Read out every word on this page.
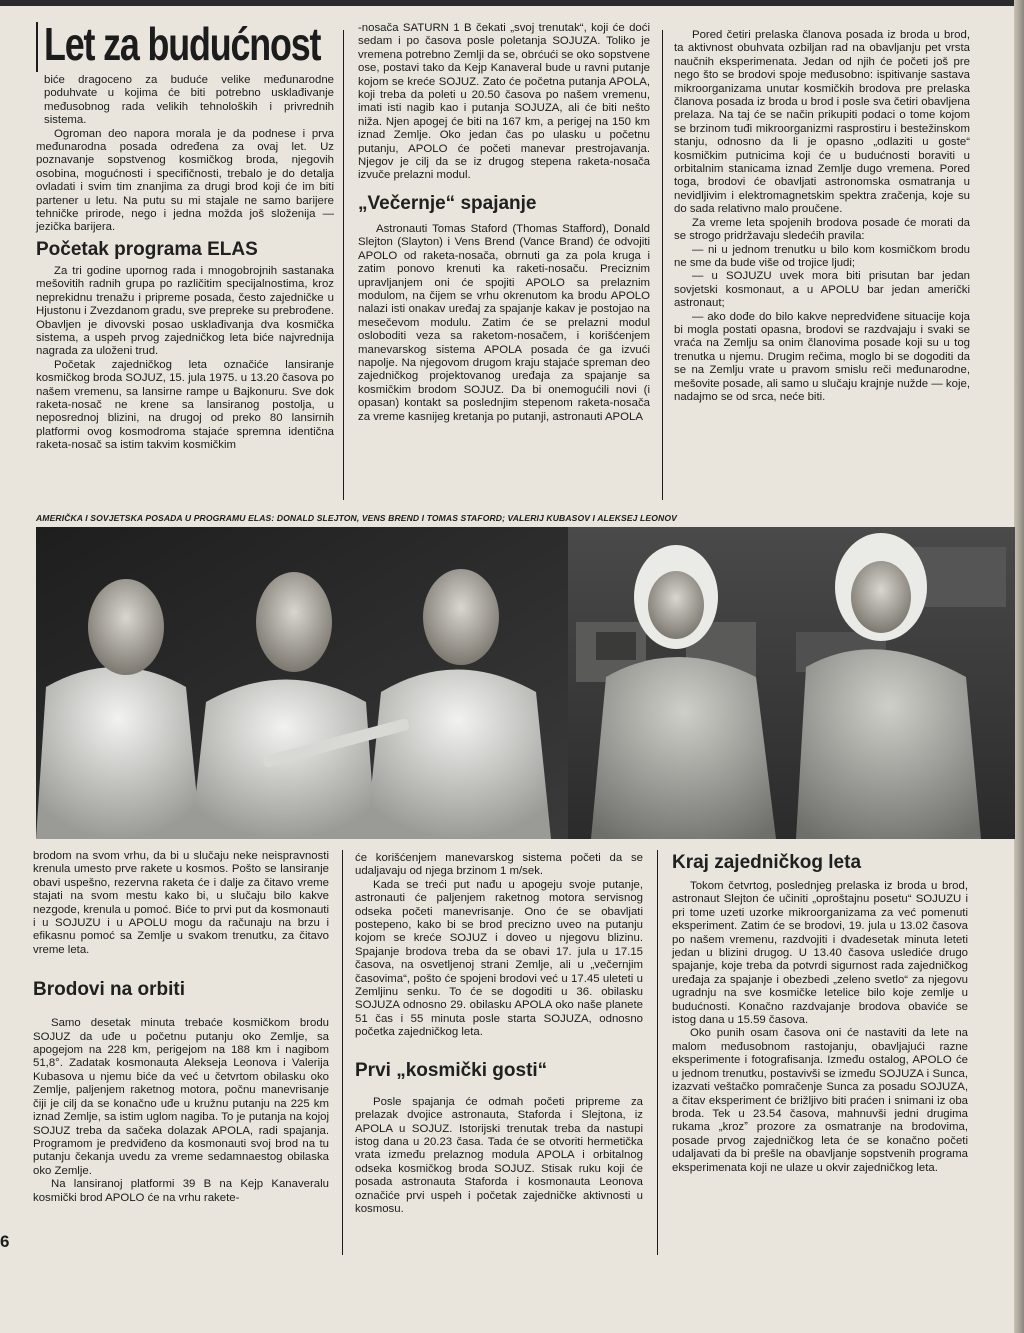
Let za budućnost

biće dragoceno za buduće velike međunarodne poduhvate u kojima će biti potrebno usklađivanje međusobnog rada velikih tehnoloških i privrednih sistema.

Ogroman deo napora morala je da podnese i prva međunarodna posada određena za ovaj let. Uz poznavanje sopstvenog kosmičkog broda, njegovih osobina, mogućnosti i specifičnosti, trebalo je do detalja ovladati i svim tim znanjima za drugi brod koji će im biti partener u letu. Na putu su mi stajale ne samo barijere tehničke prirode, nego i jedna možda još složenija — jezička barijera.

Početak programa ELAS

Za tri godine upornog rada i mnogobrojnih sastanaka mešovitih radnih grupa po različitim specijalnostima, kroz neprekidnu trenažu i pripreme posada, često zajedničke u Hjustonu i Zvezdanom gradu, sve prepreke su prebrođene. Obavljen je divovski posao usklađivanja dva kosmička sistema, a uspeh prvog zajedničkog leta biće najvrednija nagrada za uloženi trud.

Početak zajedničkog leta označiće lansiranje kosmičkog broda SOJUZ, 15. jula 1975. u 13.20 časova po našem vremenu, sa lansirne rampe u Bajkonuru. Sve dok raketa-nosač ne krene sa lansiranog postolja, u neposrednoj blizini, na drugoj od preko 80 lansirnih platformi ovog kosmodroma stajaće spremna identična raketa-nosač sa istim takvim kosmičkim

-nosača SATURN 1 B čekati „svoj trenutak“, koji će doći sedam i po časova posle poletanja SOJUZA. Toliko je vremena potrebno Zemlji da se, obrćući se oko sopstvene ose, postavi tako da Kejp Kanaveral bude u ravni putanje kojom se kreće SOJUZ. Zato će početna putanja APOLA, koji treba da poleti u 20.50 časova po našem vremenu, imati isti nagib kao i putanja SOJUZA, ali će biti nešto niža. Njen apogej će biti na 167 km, a perigej na 150 km iznad Zemlje. Oko jedan čas po ulasku u početnu putanju, APOLO će početi manevar prestrojavanja. Njegov je cilj da se iz drugog stepena raketa-nosača izvuče prelazni modul.

„Večernje“ spajanje

Astronauti Tomas Staford (Thomas Stafford), Donald Slejton (Slayton) i Vens Brend (Vance Brand) će odvojiti APOLO od raketa-nosača, obrnuti ga za pola kruga i zatim ponovo krenuti ka raketi-nosaču. Preciznim upravljanjem oni će spojiti APOLO sa prelaznim modulom, na čijem se vrhu okrenutom ka brodu APOLO nalazi isti onakav uređaj za spajanje kakav je postojao na mesečevom modulu. Zatim će se prelazni modul osloboditi veza sa raketom-nosačem, i korišćenjem manevarskog sistema APOLA posada će ga izvući napolje. Na njegovom drugom kraju stajaće spreman deo zajedničkog projektovanog uređaja za spajanje sa kosmičkim brodom SOJUZ. Da bi onemogućili novi (i opasan) kontakt sa poslednjim stepenom raketa-nosača za vreme kasnijeg kretanja po putanji, astronauti APOLA

Pored četiri prelaska članova posada iz broda u brod, ta aktivnost obuhvata ozbiljan rad na obavljanju pet vrsta naučnih eksperimenata. Jedan od njih će početi još pre nego što se brodovi spoje međusobno: ispitivanje sastava mikroorganizama unutar kosmičkih brodova pre prelaska članova posada iz broda u brod i posle sva četiri obavljena prelaza. Na taj će se način prikupiti podaci o tome kojom se brzinom tuđi mikroorganizmi rasprostiru i bestežinskom stanju, odnosno da li je opasno „odlaziti u goste“ kosmičkim putnicima koji će u budućnosti boraviti u orbitalnim stanicama iznad Zemlje dugo vremena. Pored toga, brodovi će obavljati astronomska osmatranja u nevidljivim i elektromagnetskim spektra zračenja, koje su do sada relativno malo proučene.

Za vreme leta spojenih brodova posade će morati da se strogo pridržavaju sledećih pravila:

— ni u jednom trenutku u bilo kom kosmičkom brodu ne sme da bude više od trojice ljudi;

— u SOJUZU uvek mora biti prisutan bar jedan sovjetski kosmonaut, a u APOLU bar jedan američki astronaut;

— ako dođe do bilo kakve nepredviđene situacije koja bi mogla postati opasna, brodovi se razdvajaju i svaki se vraća na Zemlju sa onim članovima posade koji su u tog trenutka u njemu. Drugim rečima, moglo bi se dogoditi da se na Zemlju vrate u pravom smislu reči međunarodne, mešovite posade, ali samo u slučaju krajnje nužde — koje, nadajmo se od srca, neće biti.

AMERIČKA I SOVJETSKA POSADA U PROGRAMU ELAS: DONALD SLEJTON, VENS BREND I TOMAS STAFORD; VALERIJ KUBASOV I ALEKSEJ LEONOV

brodom na svom vrhu, da bi u slučaju neke neispravnosti krenula umesto prve rakete u kosmos. Pošto se lansiranje obavi uspešno, rezervna raketa će i dalje za čitavo vreme stajati na svom mestu kako bi, u slučaju bilo kakve nezgode, krenula u pomoć. Biće to prvi put da kosmonauti i u SOJUZU i u APOLU mogu da računaju na brzu i efikasnu pomoć sa Zemlje u svakom trenutku, za čitavo vreme leta.

Brodovi na orbiti

Samo desetak minuta trebaće kosmičkom brodu SOJUZ da uđe u početnu putanju oko Zemlje, sa apogejom na 228 km, perigejom na 188 km i nagibom 51,8°. Zadatak kosmonauta Alekseja Leonova i Valerija Kubasova u njemu biće da već u četvrtom obilasku oko Zemlje, paljenjem raketnog motora, počnu manevrisanje čiji je cilj da se konačno uđe u kružnu putanju na 225 km iznad Zemlje, sa istim uglom nagiba. To je putanja na kojoj SOJUZ treba da sačeka dolazak APOLA, radi spajanja. Programom je predviđeno da kosmonauti svoj brod na tu putanju čekanja uvedu za vreme sedamnaestog obilaska oko Zemlje.

Na lansiranoj platformi 39 B na Kejp Kanaveralu kosmički brod APOLO će na vrhu rakete-

će korišćenjem manevarskog sistema početi da se udaljavaju od njega brzinom 1 m/sek.

Kada se treći put nađu u apogeju svoje putanje, astronauti će paljenjem raketnog motora servisnog odseka početi manevrisanje. Ono će se obavljati postepeno, kako bi se brod precizno uveo na putanju kojom se kreće SOJUZ i doveo u njegovu blizinu. Spajanje brodova treba da se obavi 17. jula u 17.15 časova, na osvetljenoj strani Zemlje, ali u „večernjim časovima“, pošto će spojeni brodovi već u 17.45 uleteti u Zemljinu senku. To će se dogoditi u 36. obilasku SOJUZA odnosno 29. obilasku APOLA oko naše planete 51 čas i 55 minuta posle starta SOJUZA, odnosno početka zajedničkog leta.

Prvi „kosmički gosti“

Posle spajanja će odmah početi pripreme za prelazak dvojice astronauta, Staforda i Slejtona, iz APOLA u SOJUZ. Istorijski trenutak treba da nastupi istog dana u 20.23 časa. Tada će se otvoriti hermetička vrata između prelaznog modula APOLA i orbitalnog odseka kosmičkog broda SOJUZ. Stisak ruku koji će posada astronauta Staforda i kosmonauta Leonova označiće prvi uspeh i početak zajedničke aktivnosti u kosmosu.

Kraj zajedničkog leta

Tokom četvrtog, poslednjeg prelaska iz broda u brod, astronaut Slejton će učiniti „oproštajnu posetu“ SOJUZU i pri tome uzeti uzorke mikroorganizama za već pomenuti eksperiment. Zatim će se brodovi, 19. jula u 13.02 časova po našem vremenu, razdvojiti i dvadesetak minuta leteti jedan u blizini drugog. U 13.40 časova uslediće drugo spajanje, koje treba da potvrdi sigurnost rada zajedničkog uređaja za spajanje i obezbedi „zeleno svetlo“ za njegovu ugradnju na sve kosmičke letelice bilo koje zemlje u budućnosti. Konačno razdvajanje brodova obaviće se istog dana u 15.59 časova.

Oko punih osam časova oni će nastaviti da lete na malom međusobnom rastojanju, obavljajući razne eksperimente i fotografisanja. Između ostalog, APOLO će u jednom trenutku, postavivši se između SOJUZA i Sunca, izazvati veštačko pomračenje Sunca za posadu SOJUZA, a čitav eksperiment će brižljivo biti praćen i snimani iz oba broda. Tek u 23.54 časova, mahnuvši jedni drugima rukama „krozˮ prozore za osmatranje na brodovima, posade prvog zajedničkog leta će se konačno početi udaljavati da bi prešle na obavljanje sopstvenih programa eksperimenata koji ne ulaze u okvir zajedničkog leta.

6
